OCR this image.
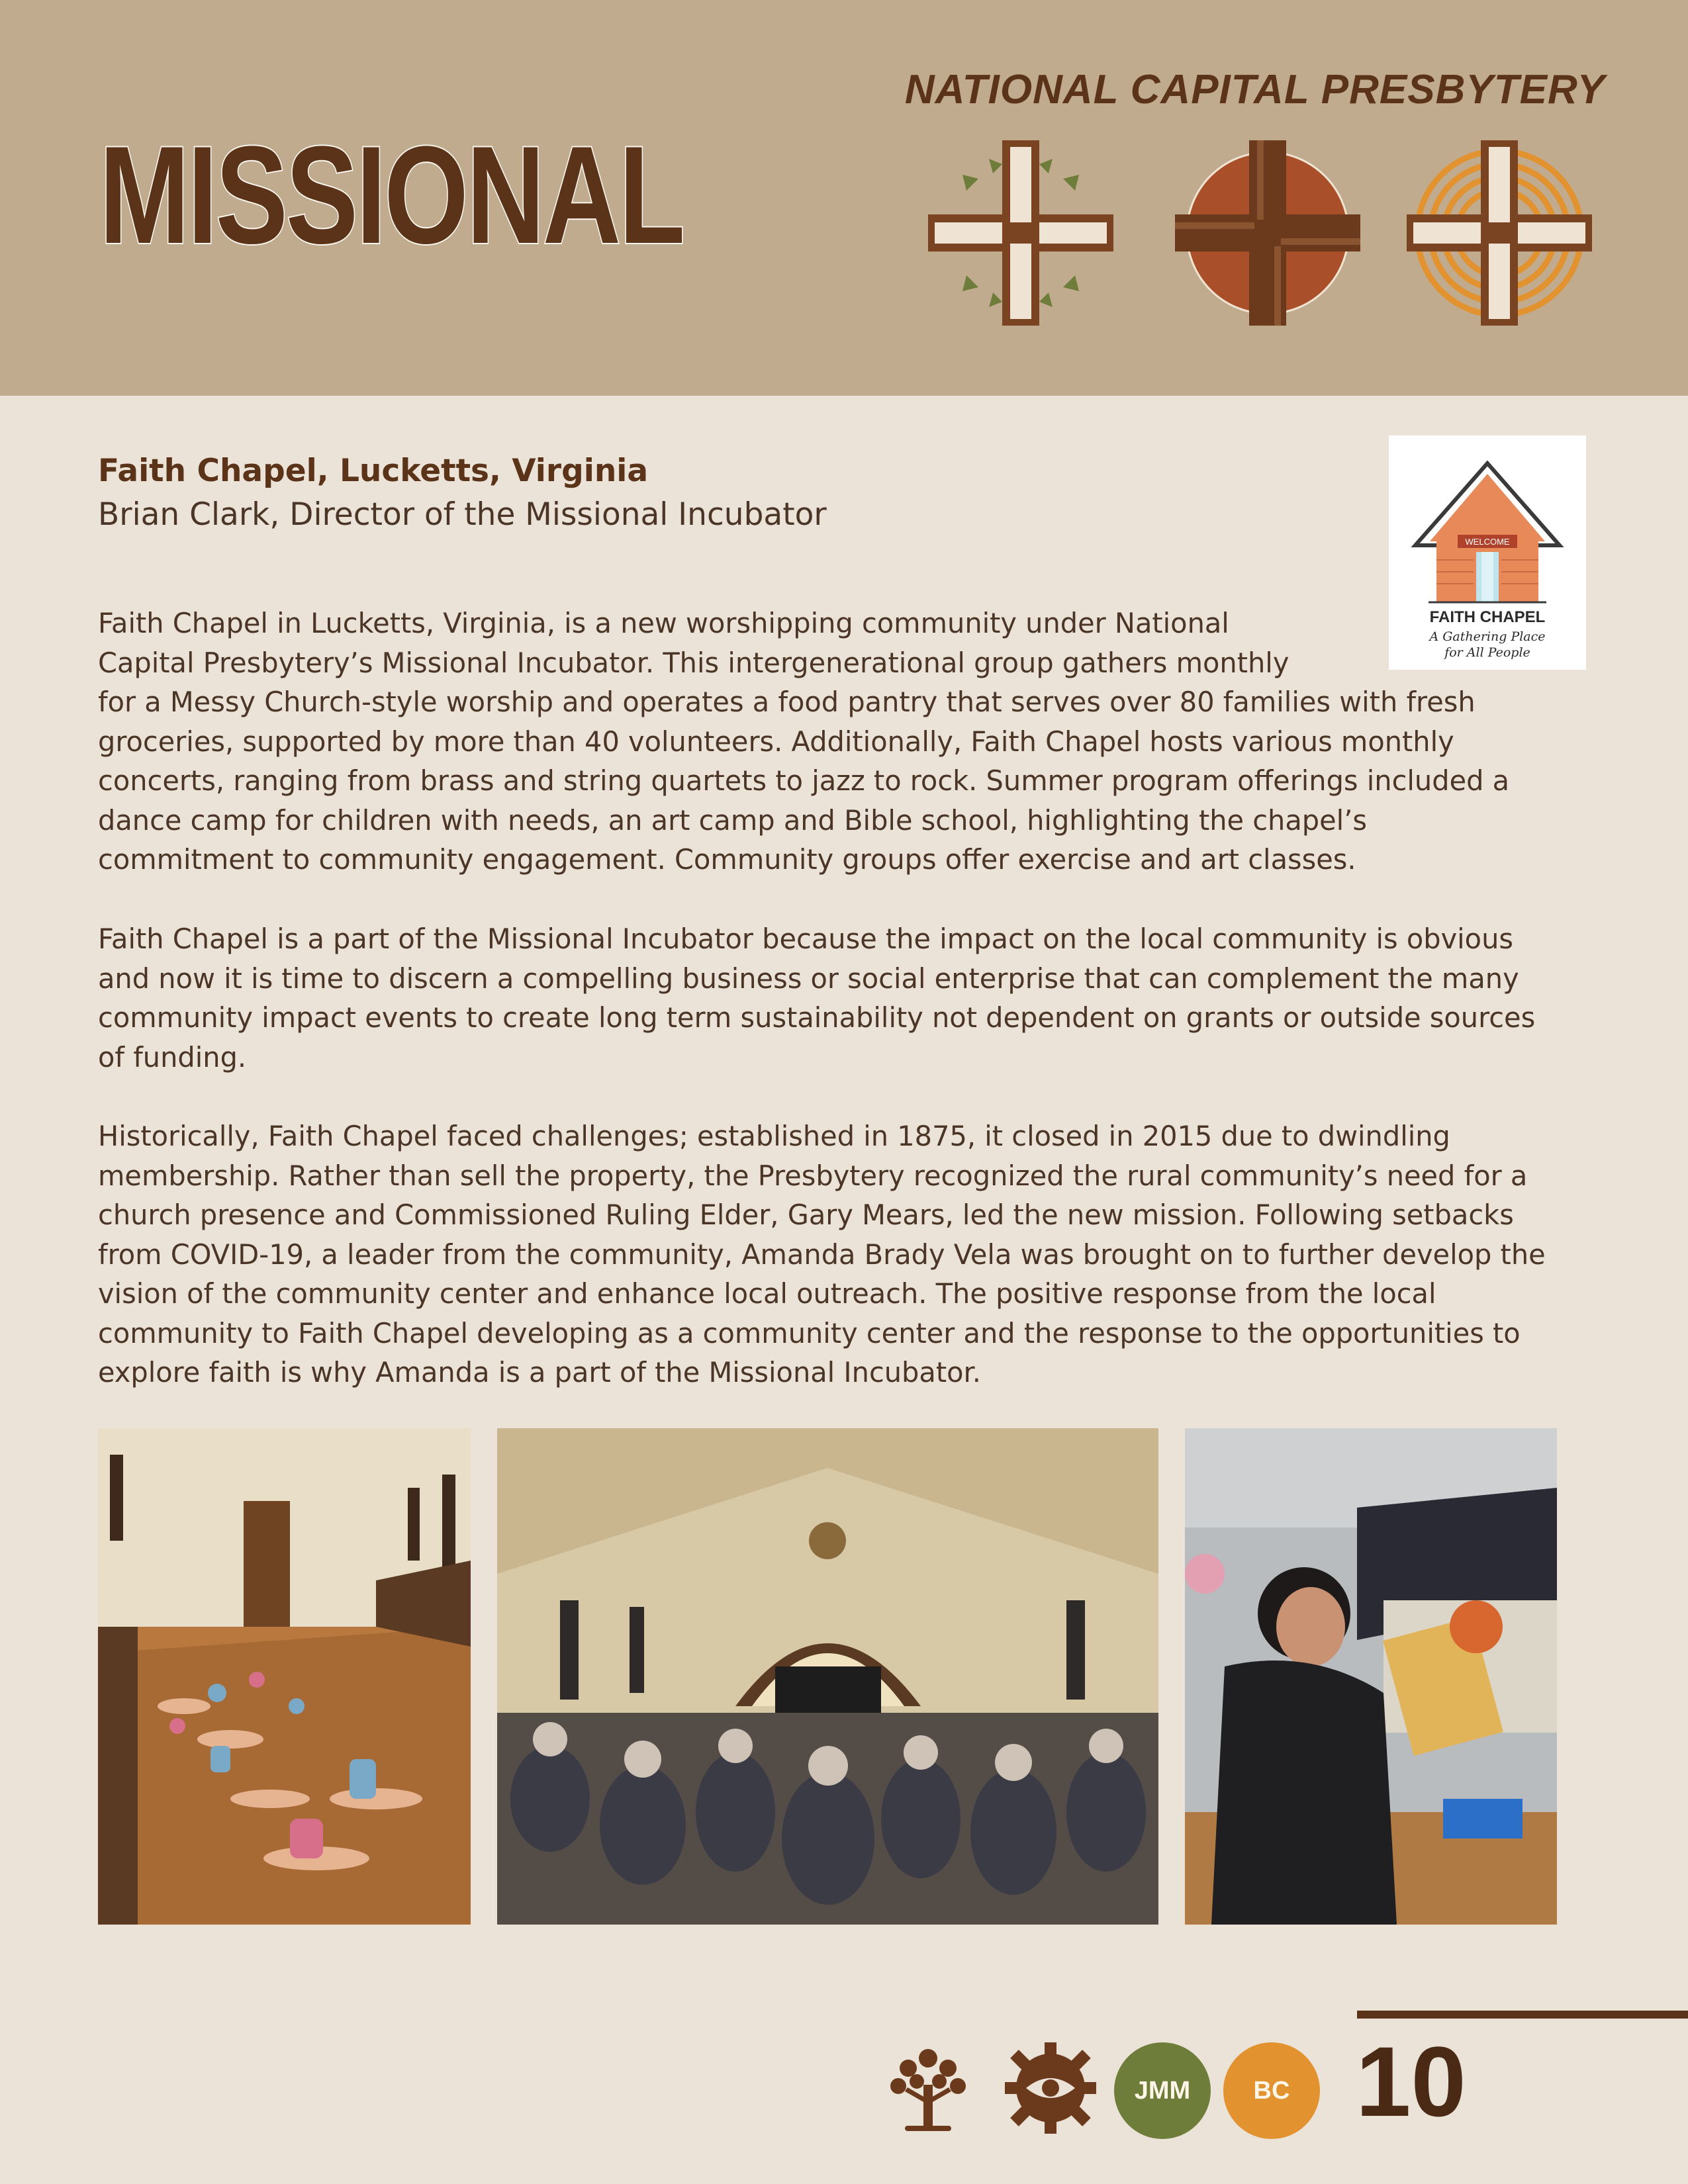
MISSIONAL
NATIONAL CAPITAL PRESBYTERY
WELCOME
FAITH CHAPEL
A Gathering Place
for All People
Faith Chapel, Lucketts, Virginia
Brian Clark, Director of the Missional Incubator
Faith Chapel in Lucketts, Virginia, is a new worshipping community under National
Capital Presbytery’s Missional Incubator. This intergenerational group gathers monthly
for a Messy Church-style worship and operates a food pantry that serves over 80 families with fresh
groceries, supported by more than 40 volunteers. Additionally, Faith Chapel hosts various monthly
concerts, ranging from brass and string quartets to jazz to rock. Summer program offerings included a
dance camp for children with needs, an art camp and Bible school, highlighting the chapel’s
commitment to community engagement. Community groups offer exercise and art classes.
Faith Chapel is a part of the Missional Incubator because the impact on the local community is obvious
and now it is time to discern a compelling business or social enterprise that can complement the many
community impact events to create long term sustainability not dependent on grants or outside sources
of funding.
Historically, Faith Chapel faced challenges; established in 1875, it closed in 2015 due to dwindling
membership. Rather than sell the property, the Presbytery recognized the rural community’s need for a
church presence and Commissioned Ruling Elder, Gary Mears, led the new mission. Following setbacks
from COVID-19, a leader from the community, Amanda Brady Vela was brought on to further develop the
vision of the community center and enhance local outreach. The positive response from the local
community to Faith Chapel developing as a community center and the response to the opportunities to
explore faith is why Amanda is a part of the Missional Incubator.
JMM	BC 10
